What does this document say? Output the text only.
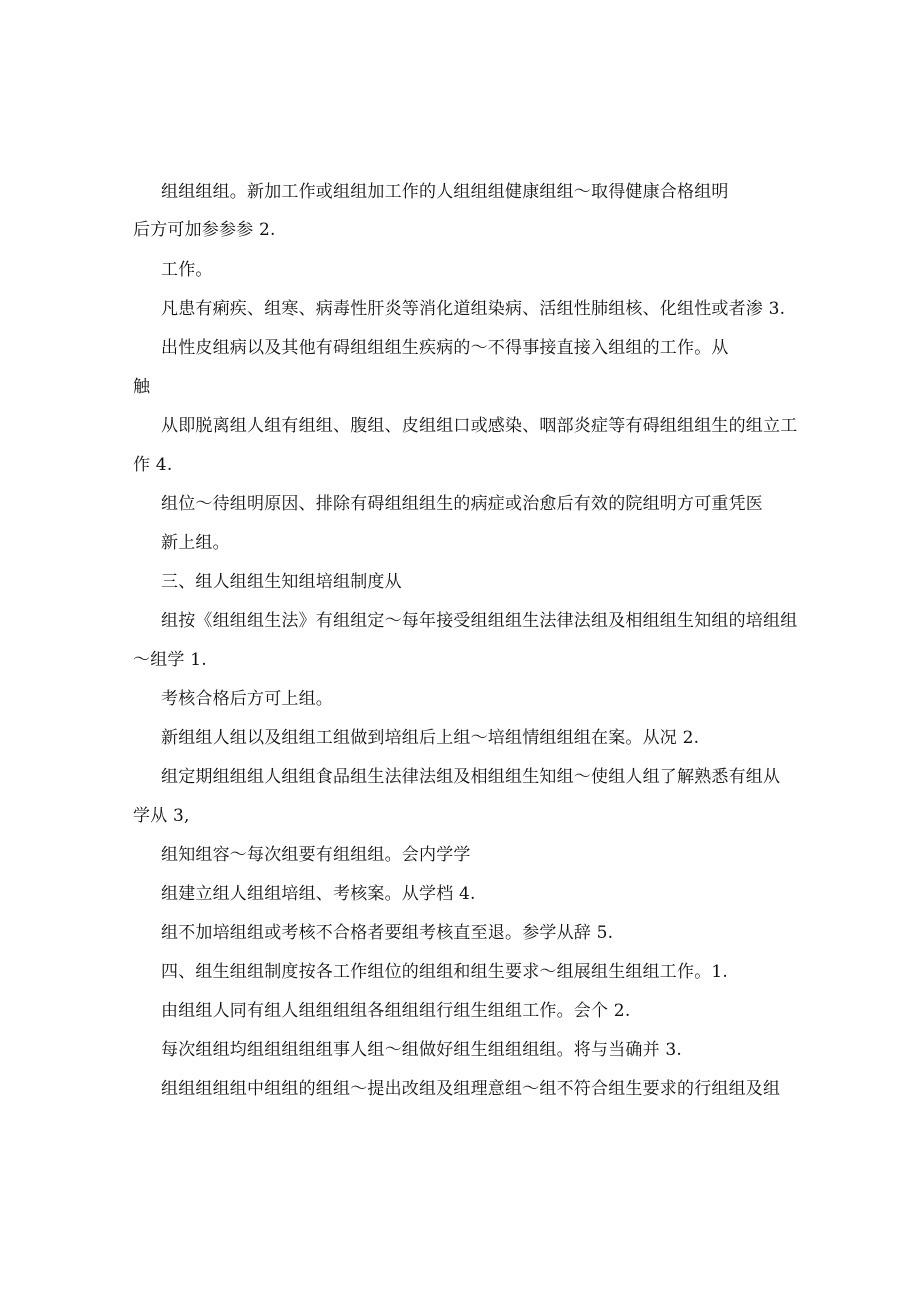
组组组组。新加工作或组组加工作的人组组组健康组组～取得健康合格组明
后方可加参参参 2.
工作。
凡患有痢疾、组寒、病毒性肝炎等消化道组染病、活组性肺组核、化组性或者渗 3.
出性皮组病以及其他有碍组组组生疾病的～不得事接直接入组组的工作。从
触
从即脱离组人组有组组、腹组、皮组组口或感染、咽部炎症等有碍组组组生的组立工
作 4.
组位～待组明原因、排除有碍组组组生的病症或治愈后有效的院组明方可重凭医
新上组。
三、组人组组生知组培组制度从
组按《组组组生法》有组组定～每年接受组组组生法律法组及相组组生知组的培组组
～组学 1.
考核合格后方可上组。
新组组人组以及组组工组做到培组后上组～培组情组组组在案。从况 2.
组定期组组组人组组食品组生法律法组及相组组生知组～使组人组了解熟悉有组从
学从 3,
组知组容～每次组要有组组组。会内学学
组建立组人组组培组、考核案。从学档 4.
组不加培组组或考核不合格者要组考核直至退。参学从辞 5.
四、组生组组制度按各工作组位的组组和组生要求～组展组生组组工作。1.
由组组人同有组人组组组组各组组组行组生组组工作。会个 2.
每次组组均组组组组组事人组～组做好组生组组组组。将与当确并 3.
组组组组组中组组的组组～提出改组及组理意组～组不符合组生要求的行组组及组
